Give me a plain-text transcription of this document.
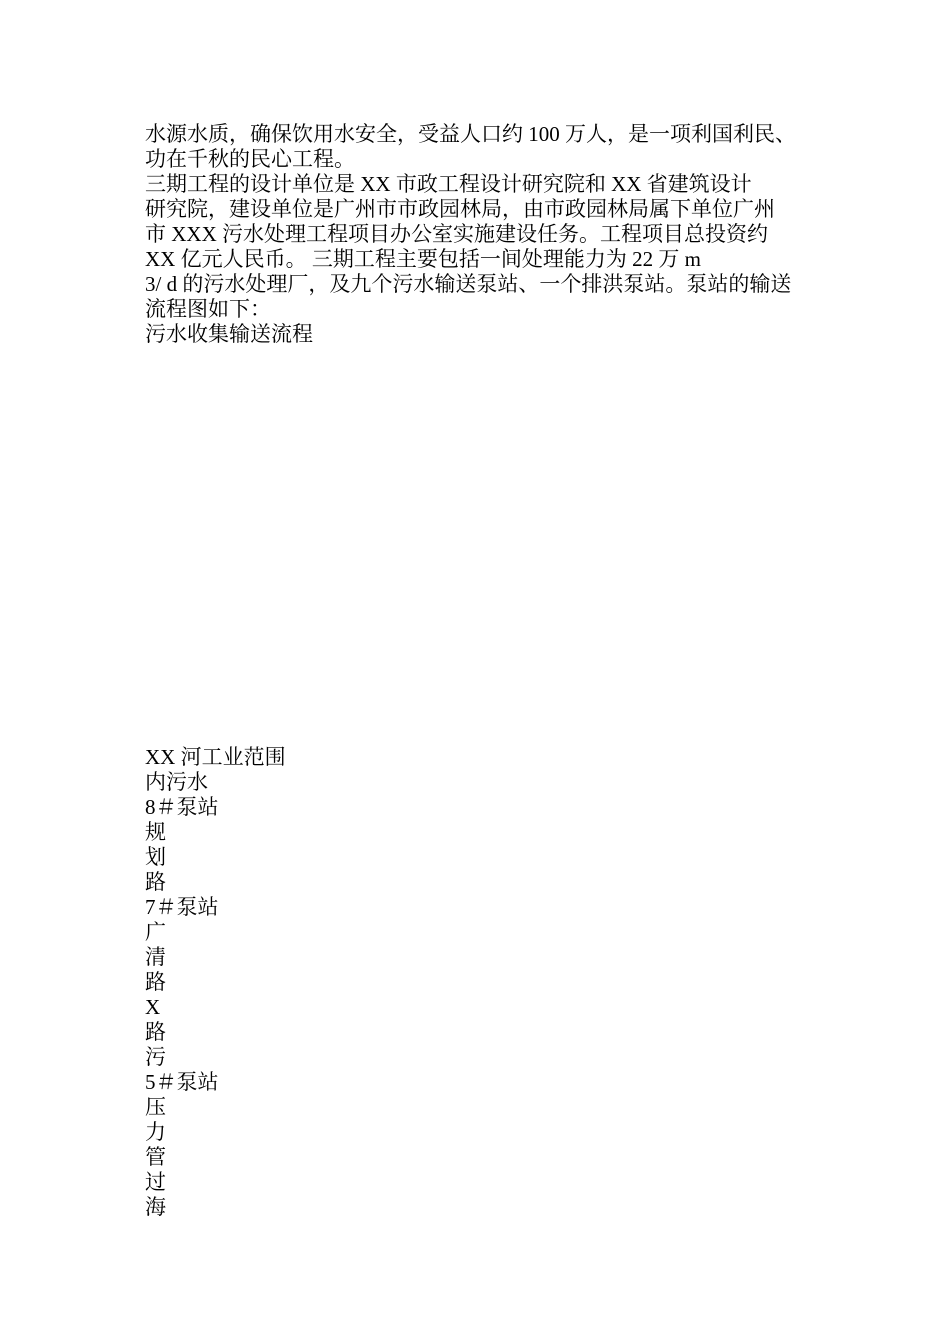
水源水质，确保饮用水安全，受益人口约 100 万人，是一项利国利民、
功在千秋的民心工程。
三期工程的设计单位是 XX 市政工程设计研究院和 XX 省建筑设计
研究院，建设单位是广州市市政园林局，由市政园林局属下单位广州
市 XXX 污水处理工程项目办公室实施建设任务。工程项目总投资约
XX 亿元人民币。 三期工程主要包括一间处理能力为 22 万 m
3/ d 的污水处理厂，及九个污水输送泵站、一个排洪泵站。泵站的输送
流程图如下：

污水收集输送流程

XX 河工业范围
内污水
8＃泵站
规
划
路
7＃泵站
广
清
路
X
路
污
5＃泵站
压
力
管
过
海
